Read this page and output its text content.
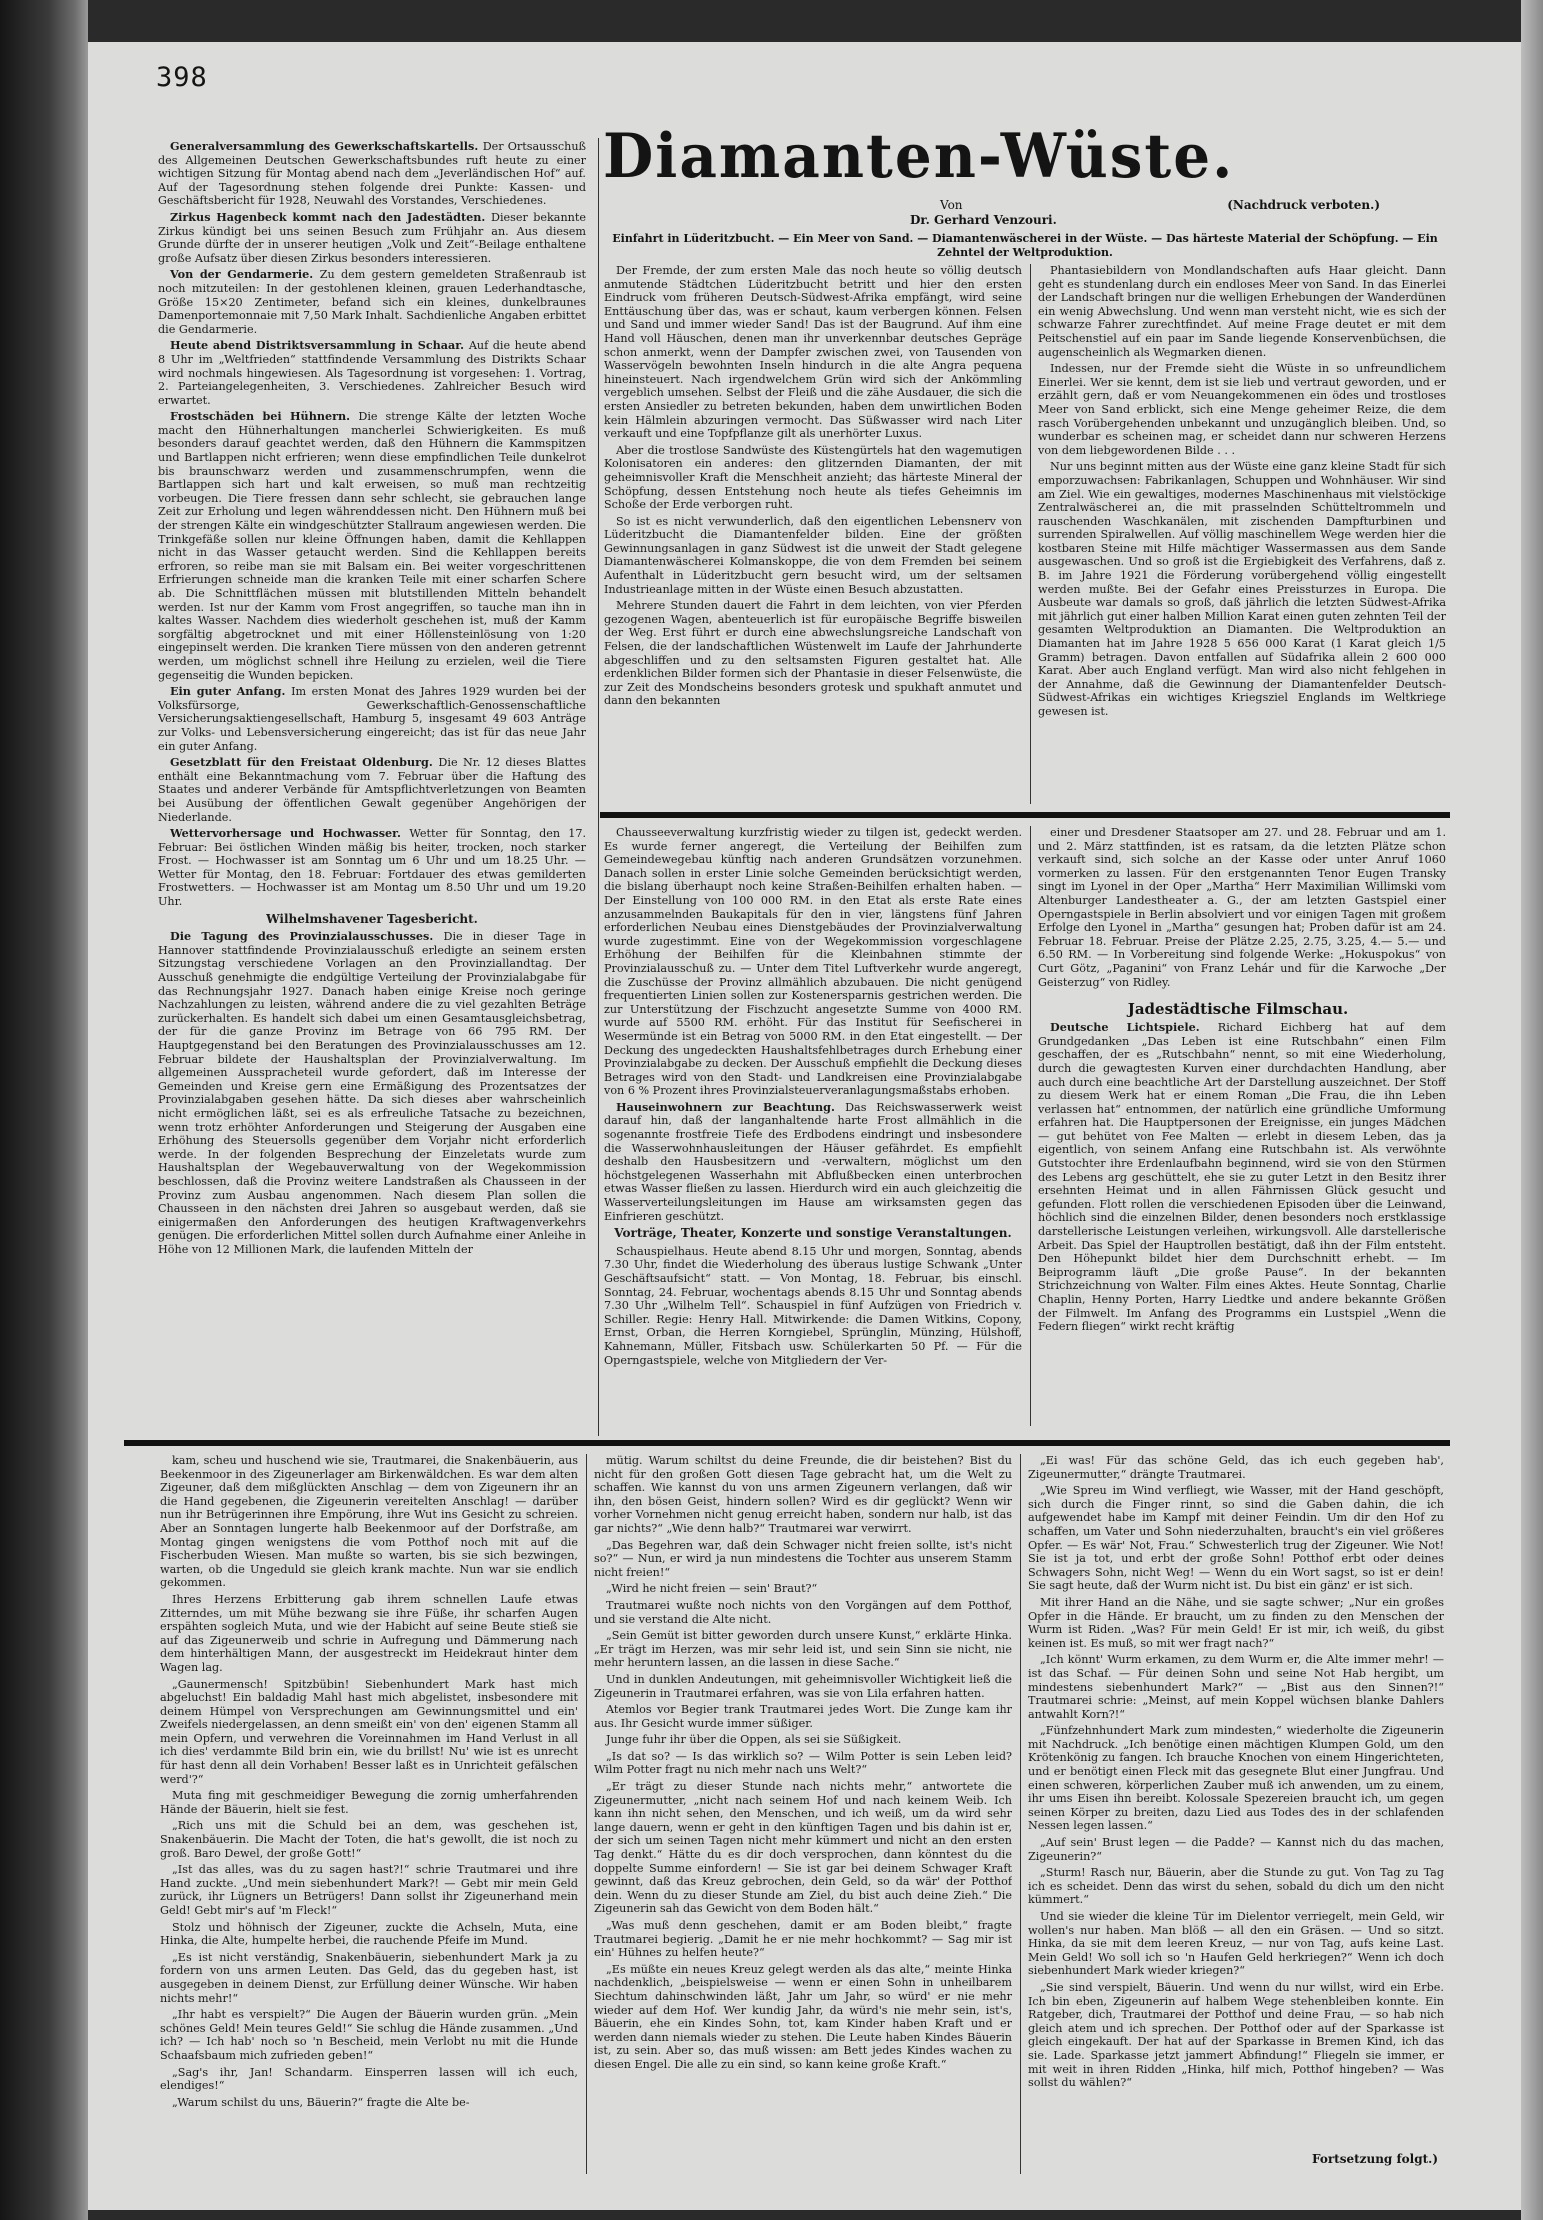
398

Generalversammlung des Gewerkschaftskartells. Der Ortsausschuß des Allgemeinen Deutschen Gewerkschaftsbundes ruft heute zu einer wichtigen Sitzung für Montag abend nach dem „Jeverländischen Hof“ auf. Auf der Tagesordnung stehen folgende drei Punkte: Kassen- und Geschäftsbericht für 1928, Neuwahl des Vorstandes, Verschiedenes.

Zirkus Hagenbeck kommt nach den Jadestädten. Dieser bekannte Zirkus kündigt bei uns seinen Besuch zum Frühjahr an. Aus diesem Grunde dürfte der in unserer heutigen „Volk und Zeit“-Beilage enthaltene große Aufsatz über diesen Zirkus besonders interessieren.

Von der Gendarmerie. Zu dem gestern gemeldeten Straßenraub ist noch mitzuteilen: In der gestohlenen kleinen, grauen Lederhandtasche, Größe 15×20 Zentimeter, befand sich ein kleines, dunkelbraunes Damenportemonnaie mit 7,50 Mark Inhalt. Sachdienliche Angaben erbittet die Gendarmerie.

Heute abend Distriktsversammlung in Schaar. Auf die heute abend 8 Uhr im „Weltfrieden“ stattfindende Versammlung des Distrikts Schaar wird nochmals hingewiesen. Als Tagesordnung ist vorgesehen: 1. Vortrag, 2. Parteiangelegenheiten, 3. Verschiedenes. Zahlreicher Besuch wird erwartet.

Frostschäden bei Hühnern. Die strenge Kälte der letzten Woche macht den Hühnerhaltungen mancherlei Schwierigkeiten. Es muß besonders darauf geachtet werden, daß den Hühnern die Kammspitzen und Bartlappen nicht erfrieren; wenn diese empfindlichen Teile dunkelrot bis braunschwarz werden und zusammenschrumpfen, wenn die Bartlappen sich hart und kalt erweisen, so muß man rechtzeitig vorbeugen. Die Tiere fressen dann sehr schlecht, sie gebrauchen lange Zeit zur Erholung und legen währenddessen nicht. Den Hühnern muß bei der strengen Kälte ein windgeschützter Stallraum angewiesen werden. Die Trinkgefäße sollen nur kleine Öffnungen haben, damit die Kehllappen nicht in das Wasser getaucht werden. Sind die Kehllappen bereits erfroren, so reibe man sie mit Balsam ein. Bei weiter vorgeschrittenen Erfrierungen schneide man die kranken Teile mit einer scharfen Schere ab. Die Schnittflächen müssen mit blutstillenden Mitteln behandelt werden. Ist nur der Kamm vom Frost angegriffen, so tauche man ihn in kaltes Wasser. Nachdem dies wiederholt geschehen ist, muß der Kamm sorgfältig abgetrocknet und mit einer Höllensteinlösung von 1:20 eingepinselt werden. Die kranken Tiere müssen von den anderen getrennt werden, um möglichst schnell ihre Heilung zu erzielen, weil die Tiere gegenseitig die Wunden bepicken.

Ein guter Anfang. Im ersten Monat des Jahres 1929 wurden bei der Volksfürsorge, Gewerkschaftlich-Genossenschaftliche Versicherungsaktiengesellschaft, Hamburg 5, insgesamt 49 603 Anträge zur Volks- und Lebensversicherung eingereicht; das ist für das neue Jahr ein guter Anfang.

Gesetzblatt für den Freistaat Oldenburg. Die Nr. 12 dieses Blattes enthält eine Bekanntmachung vom 7. Februar über die Haftung des Staates und anderer Verbände für Amtspflichtverletzungen von Beamten bei Ausübung der öffentlichen Gewalt gegenüber Angehörigen der Niederlande.

Wettervorhersage und Hochwasser. Wetter für Sonntag, den 17. Februar: Bei östlichen Winden mäßig bis heiter, trocken, noch starker Frost. — Hochwasser ist am Sonntag um 6 Uhr und um 18.25 Uhr. — Wetter für Montag, den 18. Februar: Fortdauer des etwas gemilderten Frostwetters. — Hochwasser ist am Montag um 8.50 Uhr und um 19.20 Uhr.

Wilhelmshavener Tagesbericht.

Die Tagung des Provinzialausschusses. Die in dieser Tage in Hannover stattfindende Provinzialausschuß erledigte an seinem ersten Sitzungstag verschiedene Vorlagen an den Provinziallandtag. Der Ausschuß genehmigte die endgültige Verteilung der Provinzialabgabe für das Rechnungsjahr 1927. Danach haben einige Kreise noch geringe Nachzahlungen zu leisten, während andere die zu viel gezahlten Beträge zurückerhalten. Es handelt sich dabei um einen Gesamtausgleichsbetrag, der für die ganze Provinz im Betrage von 66 795 RM. Der Hauptgegenstand bei den Beratungen des Provinzialausschusses am 12. Februar bildete der Haushaltsplan der Provinzialverwaltung. Im allgemeinen Ausspracheteil wurde gefordert, daß im Interesse der Gemeinden und Kreise gern eine Ermäßigung des Prozentsatzes der Provinzialabgaben gesehen hätte. Da sich dieses aber wahrscheinlich nicht ermöglichen läßt, sei es als erfreuliche Tatsache zu bezeichnen, wenn trotz erhöhter Anforderungen und Steigerung der Ausgaben eine Erhöhung des Steuersolls gegenüber dem Vorjahr nicht erforderlich werde. In der folgenden Besprechung der Einzeletats wurde zum Haushaltsplan der Wegebauverwaltung von der Wegekommission beschlossen, daß die Provinz weitere Landstraßen als Chausseen in der Provinz zum Ausbau angenommen. Nach diesem Plan sollen die Chausseen in den nächsten drei Jahren so ausgebaut werden, daß sie einigermaßen den Anforderungen des heutigen Kraftwagenverkehrs genügen. Die erforderlichen Mittel sollen durch Aufnahme einer Anleihe in Höhe von 12 Millionen Mark, die laufenden Mitteln der

Diamanten-Wüste.
Von	(Nachdruck verboten.)
Dr. Gerhard Venzouri.
Einfahrt in Lüderitzbucht. — Ein Meer von Sand. — Diamantenwäscherei in der Wüste. — Das härteste Material der Schöpfung. — Ein Zehntel der Weltproduktion.

Der Fremde, der zum ersten Male das noch heute so völlig deutsch anmutende Städtchen Lüderitzbucht betritt und hier den ersten Eindruck vom früheren Deutsch-Südwest-Afrika empfängt, wird seine Enttäuschung über das, was er schaut, kaum verbergen können. Felsen und Sand und immer wieder Sand! Das ist der Baugrund. Auf ihm eine Hand voll Häuschen, denen man ihr unverkennbar deutsches Gepräge schon anmerkt, wenn der Dampfer zwischen zwei, von Tausenden von Wasservögeln bewohnten Inseln hindurch in die alte Angra pequena hineinsteuert. Nach irgendwelchem Grün wird sich der Ankömmling vergeblich umsehen. Selbst der Fleiß und die zähe Ausdauer, die sich die ersten Ansiedler zu betreten bekunden, haben dem unwirtlichen Boden kein Hälmlein abzuringen vermocht. Das Süßwasser wird nach Liter verkauft und eine Topfpflanze gilt als unerhörter Luxus.

Aber die trostlose Sandwüste des Küstengürtels hat den wagemutigen Kolonisatoren ein anderes: den glitzernden Diamanten, der mit geheimnisvoller Kraft die Menschheit anzieht; das härteste Mineral der Schöpfung, dessen Entstehung noch heute als tiefes Geheimnis im Schoße der Erde verborgen ruht.

So ist es nicht verwunderlich, daß den eigentlichen Lebensnerv von Lüderitzbucht die Diamantenfelder bilden. Eine der größten Gewinnungsanlagen in ganz Südwest ist die unweit der Stadt gelegene Diamantenwäscherei Kolmanskoppe, die von dem Fremden bei seinem Aufenthalt in Lüderitzbucht gern besucht wird, um der seltsamen Industrieanlage mitten in der Wüste einen Besuch abzustatten.

Mehrere Stunden dauert die Fahrt in dem leichten, von vier Pferden gezogenen Wagen, abenteuerlich ist für europäische Begriffe bisweilen der Weg. Erst führt er durch eine abwechslungsreiche Landschaft von Felsen, die der landschaftlichen Wüstenwelt im Laufe der Jahrhunderte abgeschliffen und zu den seltsamsten Figuren gestaltet hat. Alle erdenklichen Bilder formen sich der Phantasie in dieser Felsenwüste, die zur Zeit des Mondscheins besonders grotesk und spukhaft anmutet und dann den bekannten

Phantasiebildern von Mondlandschaften aufs Haar gleicht. Dann geht es stundenlang durch ein endloses Meer von Sand. In das Einerlei der Landschaft bringen nur die welligen Erhebungen der Wanderdünen ein wenig Abwechslung. Und wenn man versteht nicht, wie es sich der schwarze Fahrer zurechtfindet. Auf meine Frage deutet er mit dem Peitschenstiel auf ein paar im Sande liegende Konservenbüchsen, die augenscheinlich als Wegmarken dienen.

Indessen, nur der Fremde sieht die Wüste in so unfreundlichem Einerlei. Wer sie kennt, dem ist sie lieb und vertraut geworden, und er erzählt gern, daß er vom Neuangekommenen ein ödes und trostloses Meer von Sand erblickt, sich eine Menge geheimer Reize, die dem rasch Vorübergehenden unbekannt und unzugänglich bleiben. Und, so wunderbar es scheinen mag, er scheidet dann nur schweren Herzens von dem liebgewordenen Bilde . . .

Nur uns beginnt mitten aus der Wüste eine ganz kleine Stadt für sich emporzuwachsen: Fabrikanlagen, Schuppen und Wohnhäuser. Wir sind am Ziel. Wie ein gewaltiges, modernes Maschinenhaus mit vielstöckige Zentralwäscherei an, die mit prasselnden Schütteltrommeln und rauschenden Waschkanälen, mit zischenden Dampfturbinen und surrenden Spiralwellen. Auf völlig maschinellem Wege werden hier die kostbaren Steine mit Hilfe mächtiger Wassermassen aus dem Sande ausgewaschen. Und so groß ist die Ergiebigkeit des Verfahrens, daß z. B. im Jahre 1921 die Förderung vorübergehend völlig eingestellt werden mußte. Bei der Gefahr eines Preissturzes in Europa. Die Ausbeute war damals so groß, daß jährlich die letzten Südwest-Afrika mit jährlich gut einer halben Million Karat einen guten zehnten Teil der gesamten Weltproduktion an Diamanten. Die Weltproduktion an Diamanten hat im Jahre 1928 5 656 000 Karat (1 Karat gleich 1/5 Gramm) betragen. Davon entfallen auf Südafrika allein 2 600 000 Karat. Aber auch England verfügt. Man wird also nicht fehlgehen in der Annahme, daß die Gewinnung der Diamantenfelder Deutsch-Südwest-Afrikas ein wichtiges Kriegsziel Englands im Weltkriege gewesen ist.

Chausseeverwaltung kurzfristig wieder zu tilgen ist, gedeckt werden. Es wurde ferner angeregt, die Verteilung der Beihilfen zum Gemeindewegebau künftig nach anderen Grundsätzen vorzunehmen. Danach sollen in erster Linie solche Gemeinden berücksichtigt werden, die bislang überhaupt noch keine Straßen-Beihilfen erhalten haben. — Der Einstellung von 100 000 RM. in den Etat als erste Rate eines anzusammelnden Baukapitals für den in vier, längstens fünf Jahren erforderlichen Neubau eines Dienstgebäudes der Provinzialverwaltung wurde zugestimmt. Eine von der Wegekommission vorgeschlagene Erhöhung der Beihilfen für die Kleinbahnen stimmte der Provinzialausschuß zu. — Unter dem Titel Luftverkehr wurde angeregt, die Zuschüsse der Provinz allmählich abzubauen. Die nicht genügend frequentierten Linien sollen zur Kostenersparnis gestrichen werden. Die zur Unterstützung der Fischzucht angesetzte Summe von 4000 RM. wurde auf 5500 RM. erhöht. Für das Institut für Seefischerei in Wesermünde ist ein Betrag von 5000 RM. in den Etat eingestellt. — Der Deckung des ungedeckten Haushaltsfehlbetrages durch Erhebung einer Provinzialabgabe zu decken. Der Ausschuß empfiehlt die Deckung dieses Betrages wird von den Stadt- und Landkreisen eine Provinzialabgabe von 6 % Prozent ihres Provinzialsteuerveranlagungsmaßstabs erhoben.

Hauseinwohnern zur Beachtung. Das Reichswasserwerk weist darauf hin, daß der langanhaltende harte Frost allmählich in die sogenannte frostfreie Tiefe des Erdbodens eindringt und insbesondere die Wasserwohnhausleitungen der Häuser gefährdet. Es empfiehlt deshalb den Hausbesitzern und -verwaltern, möglichst um den höchstgelegenen Wasserhahn mit Abflußbecken einen unterbrochen etwas Wasser fließen zu lassen. Hierdurch wird ein auch gleichzeitig die Wasserverteilungsleitungen im Hause am wirksamsten gegen das Einfrieren geschützt.

Vorträge, Theater, Konzerte und sonstige Veranstaltungen.

Schauspielhaus. Heute abend 8.15 Uhr und morgen, Sonntag, abends 7.30 Uhr, findet die Wiederholung des überaus lustige Schwank „Unter Geschäftsaufsicht“ statt. — Von Montag, 18. Februar, bis einschl. Sonntag, 24. Februar, wochentags abends 8.15 Uhr und Sonntag abends 7.30 Uhr „Wilhelm Tell“. Schauspiel in fünf Aufzügen von Friedrich v. Schiller. Regie: Henry Hall. Mitwirkende: die Damen Witkins, Copony, Ernst, Orban, die Herren Korngiebel, Sprünglin, Münzing, Hülshoff, Kahnemann, Müller, Fitsbach usw. Schülerkarten 50 Pf. — Für die Operngastspiele, welche von Mitgliedern der Ver-

einer und Dresdener Staatsoper am 27. und 28. Februar und am 1. und 2. März stattfinden, ist es ratsam, da die letzten Plätze schon verkauft sind, sich solche an der Kasse oder unter Anruf 1060 vormerken zu lassen. Für den erstgenannten Tenor Eugen Transky singt im Lyonel in der Oper „Martha“ Herr Maximilian Willimski vom Altenburger Landestheater a. G., der am letzten Gastspiel einer Operngastspiele in Berlin absolviert und vor einigen Tagen mit großem Erfolge den Lyonel in „Martha“ gesungen hat; Proben dafür ist am 24. Februar 18. Februar. Preise der Plätze 2.25, 2.75, 3.25, 4.— 5.— und 6.50 RM. — In Vorbereitung sind folgende Werke: „Hokuspokus“ von Curt Götz, „Paganini“ von Franz Lehár und für die Karwoche „Der Geisterzug“ von Ridley.

Deutsche Lichtspiele. Richard Eichberg hat auf dem Grundgedanken „Das Leben ist eine Rutschbahn“ einen Film geschaffen, der es „Rutschbahn“ nennt, so mit eine Wiederholung, durch die gewagtesten Kurven einer durchdachten Handlung, aber auch durch eine beachtliche Art der Darstellung auszeichnet. Der Stoff zu diesem Werk hat er einem Roman „Die Frau, die ihn Leben verlassen hat“ entnommen, der natürlich eine gründliche Umformung erfahren hat. Die Hauptpersonen der Ereignisse, ein junges Mädchen — gut behütet von Fee Malten — erlebt in diesem Leben, das ja eigentlich, von seinem Anfang eine Rutschbahn ist. Als verwöhnte Gutstochter ihre Erdenlaufbahn beginnend, wird sie von den Stürmen des Lebens arg geschüttelt, ehe sie zu guter Letzt in den Besitz ihrer ersehnten Heimat und in allen Fährnissen Glück gesucht und gefunden. Flott rollen die verschiedenen Episoden über die Leinwand, höchlich sind die einzelnen Bilder, denen besonders noch erstklassige darstellerische Leistungen verleihen, wirkungsvoll. Alle darstellerische Arbeit. Das Spiel der Hauptrollen bestätigt, daß ihn der Film entsteht. Den Höhepunkt bildet hier dem Durchschnitt erhebt. — Im Beiprogramm läuft „Die große Pause“. In der bekannten Strichzeichnung von Walter. Film eines Aktes. Heute Sonntag, Charlie Chaplin, Henny Porten, Harry Liedtke und andere bekannte Größen der Filmwelt. Im Anfang des Programms ein Lustspiel „Wenn die Federn fliegen“ wirkt recht kräftig

Jadestädtische Filmschau.

kam, scheu und huschend wie sie, Trautmarei, die Snakenbäuerin, aus Beekenmoor in des Zigeunerlager am Birkenwäldchen. Es war dem alten Zigeuner, daß dem mißglückten Anschlag — dem von Zigeunern ihr an die Hand gegebenen, die Zigeunerin vereitelten Anschlag! — darüber nun ihr Betrügerinnen ihre Empörung, ihre Wut ins Gesicht zu schreien. Aber an Sonntagen lungerte halb Beekenmoor auf der Dorfstraße, am Montag gingen wenigstens die vom Potthof noch mit auf die Fischerbuden Wiesen. Man mußte so warten, bis sie sich bezwingen, warten, ob die Ungeduld sie gleich krank machte. Nun war sie endlich gekommen.

Ihres Herzens Erbitterung gab ihrem schnellen Laufe etwas Zitterndes, um mit Mühe bezwang sie ihre Füße, ihr scharfen Augen erspähten sogleich Muta, und wie der Habicht auf seine Beute stieß sie auf das Zigeunerweib und schrie in Aufregung und Dämmerung nach dem hinterhältigen Mann, der ausgestreckt im Heidekraut hinter dem Wagen lag.

„Gaunermensch! Spitzbübin! Siebenhundert Mark hast mich abgeluchst! Ein baldadig Mahl hast mich abgelistet, insbesondere mit deinem Hümpel von Versprechungen am Gewinnungsmittel und ein' Zweifels niedergelassen, an denn smeißt ein' von den' eigenen Stamm all mein Opfern, und verwehren die Voreinnahmen im Hand Verlust in all ich dies' verdammte Bild brin ein, wie du brillst! Nu' wie ist es unrecht für hast denn all dein Vorhaben! Besser laßt es in Unrichteit gefälschen werd'?“

Muta fing mit geschmeidiger Bewegung die zornig umherfahrenden Hände der Bäuerin, hielt sie fest.

„Rich uns mit die Schuld bei an dem, was geschehen ist, Snakenbäuerin. Die Macht der Toten, die hat's gewollt, die ist noch zu groß. Baro Dewel, der große Gott!“

„Ist das alles, was du zu sagen hast?!“ schrie Trautmarei und ihre Hand zuckte. „Und mein siebenhundert Mark?! — Gebt mir mein Geld zurück, ihr Lügners un Betrügers! Dann sollst ihr Zigeunerhand mein Geld! Gebt mir's auf 'm Fleck!“

Stolz und höhnisch der Zigeuner, zuckte die Achseln, Muta, eine Hinka, die Alte, humpelte herbei, die rauchende Pfeife im Mund.

„Es ist nicht verständig, Snakenbäuerin, siebenhundert Mark ja zu fordern von uns armen Leuten. Das Geld, das du gegeben hast, ist ausgegeben in deinem Dienst, zur Erfüllung deiner Wünsche. Wir haben nichts mehr!“

„Ihr habt es verspielt?“ Die Augen der Bäuerin wurden grün. „Mein schönes Geld! Mein teures Geld!“ Sie schlug die Hände zusammen. „Und ich? — Ich hab' noch so 'n Bescheid, mein Verlobt nu mit die Hunde Schaafsbaum mich zufrieden geben!“

„Sag's ihr, Jan! Schandarm. Einsperren lassen will ich euch, elendiges!“

„Warum schilst du uns, Bäuerin?“ fragte die Alte be-

mütig. Warum schiltst du deine Freunde, die dir beistehen? Bist du nicht für den großen Gott diesen Tage gebracht hat, um die Welt zu schaffen. Wie kannst du von uns armen Zigeunern verlangen, daß wir ihn, den bösen Geist, hindern sollen? Wird es dir geglückt? Wenn wir vorher Vornehmen nicht genug erreicht haben, sondern nur halb, ist das gar nichts?“ „Wie denn halb?“ Trautmarei war verwirrt.

„Das Begehren war, daß dein Schwager nicht freien sollte, ist's nicht so?“ — Nun, er wird ja nun mindestens die Tochter aus unserem Stamm nicht freien!“

„Wird he nicht freien — sein' Braut?“

Trautmarei wußte noch nichts von den Vorgängen auf dem Potthof, und sie verstand die Alte nicht.

„Sein Gemüt ist bitter geworden durch unsere Kunst,“ erklärte Hinka. „Er trägt im Herzen, was mir sehr leid ist, und sein Sinn sie nicht, nie mehr heruntern lassen, an die lassen in diese Sache.“

Und in dunklen Andeutungen, mit geheimnisvoller Wichtigkeit ließ die Zigeunerin in Trautmarei erfahren, was sie von Lila erfahren hatten.

Atemlos vor Begier trank Trautmarei jedes Wort. Die Zunge kam ihr aus. Ihr Gesicht wurde immer süßiger.

Junge fuhr ihr über die Oppen, als sei sie Süßigkeit.

„Is dat so? — Is das wirklich so? — Wilm Potter is sein Leben leid? Wilm Potter fragt nu nich mehr nach uns Welt?“

„Er trägt zu dieser Stunde nach nichts mehr,“ antwortete die Zigeunermutter, „nicht nach seinem Hof und nach keinem Weib. Ich kann ihn nicht sehen, den Menschen, und ich weiß, um da wird sehr lange dauern, wenn er geht in den künftigen Tagen und bis dahin ist er, der sich um seinen Tagen nicht mehr kümmert und nicht an den ersten Tag denkt.“ Hätte du es dir doch versprochen, dann könntest du die doppelte Summe einfordern! — Sie ist gar bei deinem Schwager Kraft gewinnt, daß das Kreuz gebrochen, dein Geld, so da wär' der Potthof dein. Wenn du zu dieser Stunde am Ziel, du bist auch deine Zieh.“ Die Zigeunerin sah das Gewicht von dem Boden hält.“

„Was muß denn geschehen, damit er am Boden bleibt,“ fragte Trautmarei begierig. „Damit he er nie mehr hochkommt? — Sag mir ist ein' Hühnes zu helfen heute?“

„Es müßte ein neues Kreuz gelegt werden als das alte,“ meinte Hinka nachdenklich, „beispielsweise — wenn er einen Sohn in unheilbarem Siechtum dahinschwinden läßt, Jahr um Jahr, so würd' er nie mehr wieder auf dem Hof. Wer kundig Jahr, da würd's nie mehr sein, ist's, Bäuerin, ehe ein Kindes Sohn, tot, kam Kinder haben Kraft und er werden dann niemals wieder zu stehen. Die Leute haben Kindes Bäuerin ist, zu sein. Aber so, das muß wissen: am Bett jedes Kindes wachen zu diesen Engel. Die alle zu ein sind, so kann keine große Kraft.“

„Ei was! Für das schöne Geld, das ich euch gegeben hab', Zigeunermutter,“ drängte Trautmarei.

„Wie Spreu im Wind verfliegt, wie Wasser, mit der Hand geschöpft, sich durch die Finger rinnt, so sind die Gaben dahin, die ich aufgewendet habe im Kampf mit deiner Feindin. Um dir den Hof zu schaffen, um Vater und Sohn niederzuhalten, braucht's ein viel größeres Opfer. — Es wär' Not, Frau.“ Schwesterlich trug der Zigeuner. Wie Not! Sie ist ja tot, und erbt der große Sohn! Potthof erbt oder deines Schwagers Sohn, nicht Weg! — Wenn du ein Wort sagst, so ist er dein! Sie sagt heute, daß der Wurm nicht ist. Du bist ein gänz' er ist sich.

Mit ihrer Hand an die Nähe, und sie sagte schwer; „Nur ein großes Opfer in die Hände. Er braucht, um zu finden zu den Menschen der Wurm ist Riden. „Was? Für mein Geld! Er ist mir, ich weiß, du gibst keinen ist. Es muß, so mit wer fragt nach?“

„Ich könnt' Wurm erkamen, zu dem Wurm er, die Alte immer mehr! — ist das Schaf. — Für deinen Sohn und seine Not Hab hergibt, um mindestens siebenhundert Mark?“ — „Bist aus den Sinnen?!“ Trautmarei schrie: „Meinst, auf mein Koppel wüchsen blanke Dahlers antwahlt Korn?!“

„Fünfzehnhundert Mark zum mindesten,“ wiederholte die Zigeunerin mit Nachdruck. „Ich benötige einen mächtigen Klumpen Gold, um den Krötenkönig zu fangen. Ich brauche Knochen von einem Hingerichteten, und er benötigt einen Fleck mit das gesegnete Blut einer Jungfrau. Und einen schweren, körperlichen Zauber muß ich anwenden, um zu einem, ihr ums Eisen ihn bereibt. Kolossale Spezereien braucht ich, um gegen seinen Körper zu breiten, dazu Lied aus Todes des in der schlafenden Nessen legen lassen.“

„Auf sein' Brust legen — die Padde? — Kannst nich du das machen, Zigeunerin?“

„Sturm! Rasch nur, Bäuerin, aber die Stunde zu gut. Von Tag zu Tag ich es scheidet. Denn das wirst du sehen, sobald du dich um den nicht kümmert.“

Und sie wieder die kleine Tür im Dielentor verriegelt, mein Geld, wir wollen's nur haben. Man blöß — all den ein Gräsen. — Und so sitzt. Hinka, da sie mit dem leeren Kreuz, — nur von Tag, aufs keine Last. Mein Geld! Wo soll ich so 'n Haufen Geld herkriegen?“ Wenn ich doch siebenhundert Mark wieder kriegen?“

„Sie sind verspielt, Bäuerin. Und wenn du nur willst, wird ein Erbe. Ich bin eben, Zigeunerin auf halbem Wege stehenbleiben konnte. Ein Ratgeber, dich, Trautmarei der Potthof und deine Frau, — so hab nich gleich atem und ich sprechen. Der Potthof oder auf der Sparkasse ist gleich eingekauft. Der hat auf der Sparkasse in Bremen Kind, ich das sie. Lade. Sparkasse jetzt jammert Abfindung!“ Fliegeln sie immer, er mit weit in ihren Ridden „Hinka, hilf mich, Potthof hingeben? — Was sollst du wählen?“

Fortsetzung folgt.)
